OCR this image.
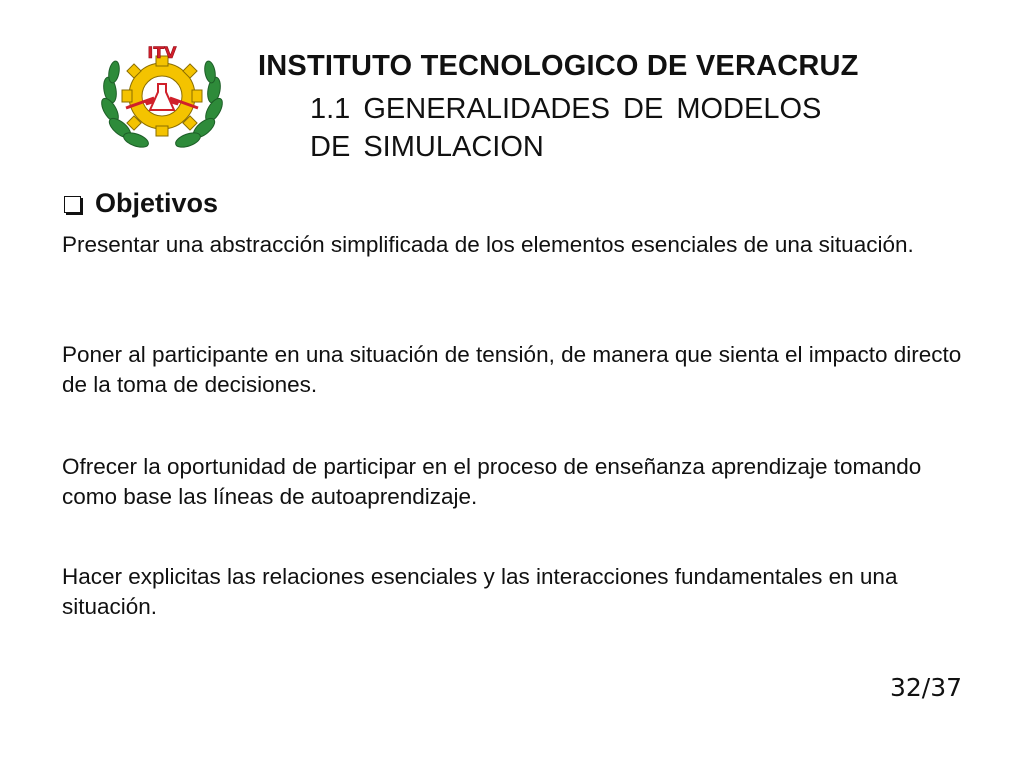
ITV	INSTITUTO TECNOLOGICO DE VERACRUZ
1.1 GENERALIDADES DE MODELOS
DE SIMULACION
Objetivos
Presentar una abstracción simplificada de los elementos esenciales de una situación.
Poner al participante en una situación de tensión, de manera que sienta el impacto directo de la toma de decisiones.
Ofrecer la oportunidad de participar en el proceso de enseñanza aprendizaje tomando como base las líneas de autoaprendizaje.
Hacer explicitas las relaciones esenciales y las interacciones fundamentales en una situación.
32/37
